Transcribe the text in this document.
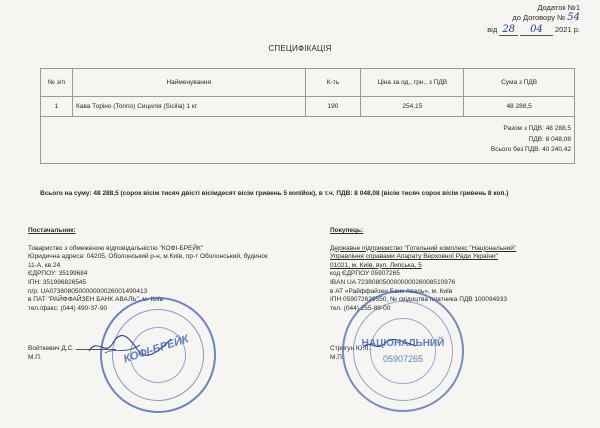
Додаток №1
до Договору № 54
від 28 04 2021 р.
СПЕЦИФІКАЦІЯ
№ з/п	Найменування	К-ть	Ціна за од., грн., з ПДВ	Сума з ПДВ
1	Кава Торіно (Torino) Сицилія (Sicilia) 1 кг	190	254,15	48 288,5

Разом з ПДВ: 48 288,5
ПДВ: 8 048,08
Всього без ПДВ: 40 240,42				
Всього на суму: 48 288,5 (сорок вісім тисяч двісті вісімдесят вісім гривень 5 копійок), в т.ч. ПДВ: 8 048,08 (вісім тисяч сорок вісім гривень 8 коп.)
Постачальник:
Товариство з обмеженою відповідальністю "КОФІ-БРЕЙК"
Юридична адреса: 04205, Оболонський р-н, м.Київ, пр-т Оболонський, будинок
11-А, кв.24
ЄДРПОУ: 35199684
ІПН: 351996826545
п/р: UA073808050000000026001490413
в ПАТ "РАЙФФАЙЗЕН БАНК АВАЛЬ", м. Київ
тел./факс: (044) 490-37-90
Войткевич Д.С.
М.П.	КОФІ-БРЕЙК
Покупець:
Державне підприємство "Готельний комплекс "Національний"
Управління справами Апарату Верховної Ради України"
01021, м. Київ, вул. Липська, 5
код ЄДРПОУ 05907265
IBAN UA 723808050000000026008510976
в АТ «Райффайзен Банк Аваль», м. Київ
ІПН 059072626550, № свідоцтва платника ПДВ 100094933
тел. (044) 255-89-00
Стригун Ю.Л.
М.П.
НАЦІОНАЛЬНИЙ
05907265
